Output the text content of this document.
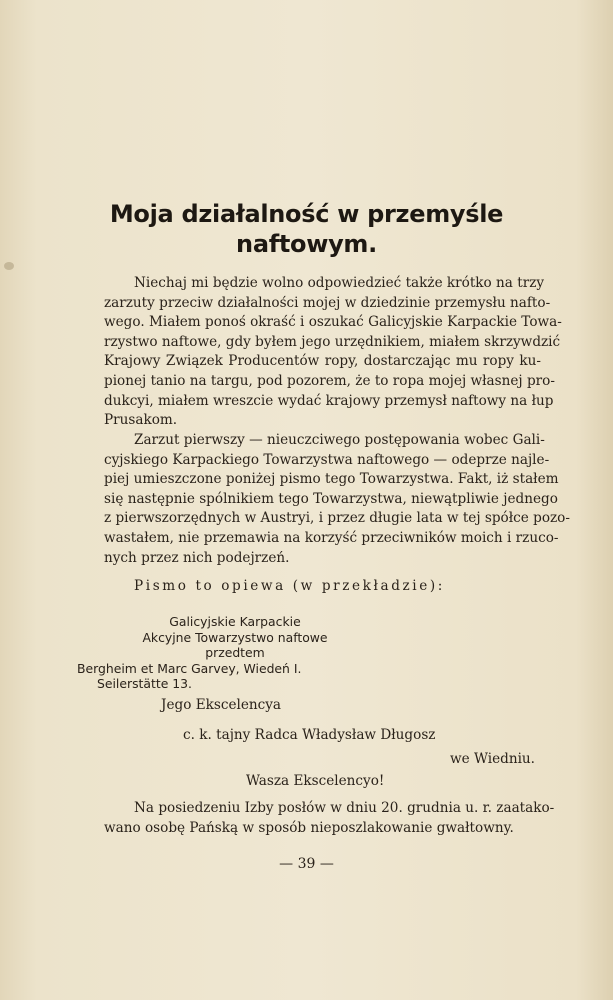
Moja działalność w przemyśle
naftowym.
Niechaj mi będzie wolno odpowiedzieć także krótko na trzy
zarzuty przeciw działalności mojej w dziedzinie przemysłu nafto-
wego. Miałem ponoś okraść i oszukać Galicyjskie Karpackie Towa-
rzystwo naftowe, gdy byłem jego urzędnikiem, miałem skrzywdzić
Krajowy Związek Producentów ropy, dostarczając mu ropy ku-
pionej tanio na targu, pod pozorem, że to ropa mojej własnej pro-
dukcyi, miałem wreszcie wydać krajowy przemysł naftowy na łup
Prusakom.
Zarzut pierwszy — nieuczciwego postępowania wobec Gali-
cyjskiego Karpackiego Towarzystwa naftowego — odeprze najle-
piej umieszczone poniżej pismo tego Towarzystwa. Fakt, iż stałem
się następnie spólnikiem tego Towarzystwa, niewątpliwie jednego
z pierwszorzędnych w Austryi, i przez długie lata w tej spółce pozo-
wastałem, nie przemawia na korzyść przeciwników moich i rzuco-
nych przez nich podejrzeń.
Pismo to opiewa (w przekładzie):
Galicyjskie Karpackie
Akcyjne Towarzystwo naftowe
przedtem
Bergheim et Marc Garvey, Wiedeń I.
Seilerstätte 13.
Jego Ekscelencya
c. k. tajny Radca Władysław Długosz
we Wiedniu.
Wasza Ekscelencyo!
Na posiedzeniu Izby posłów w dniu 20. grudnia u. r. zaatako-
wano osobę Pańską w sposób nieposzlakowanie gwałtowny.
— 39 —
